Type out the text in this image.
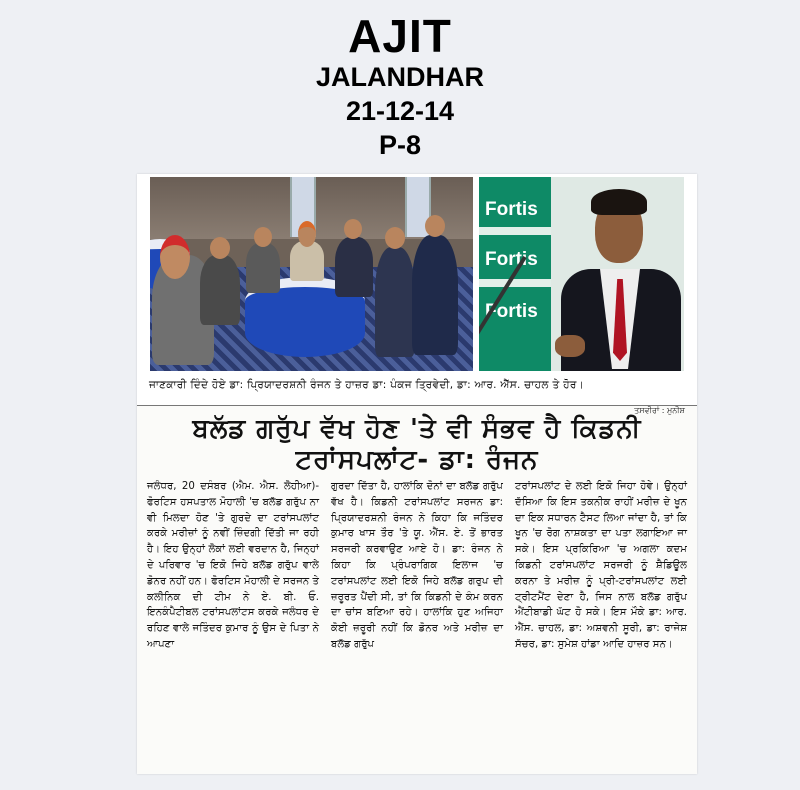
AJIT
JALANDHAR
21-12-14
P-8
Fortis
Fortis
Fortis
ਜਾਣਕਾਰੀ ਦਿੰਦੇ ਹੋਏ ਡਾ: ਪ੍ਰਿਯਾਦਰਸ਼ਨੀ ਰੰਜਨ ਤੇ ਹਾਜ਼ਰ ਡਾ: ਪੰਕਜ ਤ੍ਰਿਵੇਦੀ, ਡਾ: ਆਰ. ਐੱਸ. ਚਾਹਲ ਤੇ ਹੋਰ।
ਤਸਵੀਰਾਂ : ਮੁਨੀਸ਼
ਬਲੱਡ ਗਰੁੱਪ ਵੱਖ ਹੋਣ 'ਤੇ ਵੀ ਸੰਭਵ ਹੈ ਕਿਡਨੀ ਟਰਾਂਸਪਲਾਂਟ- ਡਾ: ਰੰਜਨ

ਜਲੰਧਰ, 20 ਦਸੰਬਰ (ਐਮ. ਐਸ. ਲੋਹੀਆ)- ਫੋਰਟਿਸ ਹਸਪਤਾਲ ਮੋਹਾਲੀ 'ਚ ਬਲੱਡ ਗਰੁੱਪ ਨਾ ਵੀ ਮਿਲਦਾ ਹੋਣ 'ਤੇ ਗੁਰਦੇ ਦਾ ਟਰਾਂਸਪਲਾਂਟ ਕਰਕੇ ਮਰੀਜ਼ਾਂ ਨੂੰ ਨਵੀਂ ਜ਼ਿੰਦਗੀ ਦਿੱਤੀ ਜਾ ਰਹੀ ਹੈ। ਇਹ ਉਨ੍ਹਾਂ ਲੋਕਾਂ ਲਈ ਵਰਦਾਨ ਹੈ, ਜਿਨ੍ਹਾਂ ਦੇ ਪਰਿਵਾਰ 'ਚ ਇਕੋ ਜਿਹੇ ਬਲੱਡ ਗਰੁੱਪ ਵਾਲੇ ਡੋਨਰ ਨਹੀਂ ਹਨ। ਫੋਰਟਿਸ ਮੋਹਾਲੀ ਦੇ ਸਰਜਨ ਤੇ ਕਲੀਨਿਕ ਦੀ ਟੀਮ ਨੇ ਏ. ਬੀ. ਓ. ਇਨਕੰਪੈਟੀਬਲ ਟਰਾਂਸਪਲਾਂਟਸ ਕਰਕੇ ਜਲੰਧਰ ਦੇ ਰਹਿਣ ਵਾਲੇ ਜਤਿੰਦਰ ਕੁਮਾਰ ਨੂੰ ਉਸ ਦੇ ਪਿਤਾ ਨੇ ਆਪਣਾ

ਗੁਰਦਾ ਦਿੱਤਾ ਹੈ, ਹਾਲਾਂਕਿ ਦੋਨਾਂ ਦਾ ਬਲੱਡ ਗਰੁੱਪ ਵੱਖ ਹੈ। ਕਿਡਨੀ ਟਰਾਂਸਪਲਾਂਟ ਸਰਜਨ ਡਾ: ਪ੍ਰਿਯਾਦਰਸ਼ਨੀ ਰੰਜਨ ਨੇ ਕਿਹਾ ਕਿ ਜਤਿੰਦਰ ਕੁਮਾਰ ਖਾਸ ਤੌਰ 'ਤੇ ਯੂ. ਐੱਸ. ਏ. ਤੋਂ ਭਾਰਤ ਸਰਜਰੀ ਕਰਵਾਉਣ ਆਏ ਹੋ। ਡਾ: ਰੰਜਨ ਨੇ ਕਿਹਾ ਕਿ ਪ੍ਰੰਪਰਾਗਿਕ ਇਲਾਜ 'ਚ ਟਰਾਂਸਪਲਾਂਟ ਲਈ ਇਕੋ ਜਿਹੇ ਬਲੱਡ ਗਰੁਪ ਦੀ ਜ਼ਰੂਰਤ ਪੈਂਦੀ ਸੀ, ਤਾਂ ਕਿ ਕਿਡਨੀ ਦੇ ਕੰਮ ਕਰਨ ਦਾ ਚਾਂਸ ਬਣਿਆ ਰਹੇ। ਹਾਲਾਂਕਿ ਹੁਣ ਅਜਿਹਾ ਕੋਈ ਜ਼ਰੂਰੀ ਨਹੀਂ ਕਿ ਡੋਨਰ ਅਤੇ ਮਰੀਜ਼ ਦਾ ਬਲੱਡ ਗਰੁੱਪ

ਟਰਾਂਸਪਲਾਂਟ ਦੇ ਲਈ ਇਕੋ ਜਿਹਾ ਹੋਵੇ। ਉਨ੍ਹਾਂ ਦੱਸਿਆ ਕਿ ਇਸ ਤਕਨੀਕ ਰਾਹੀਂ ਮਰੀਜ਼ ਦੇ ਖੂਨ ਦਾ ਇਕ ਸਧਾਰਨ ਟੈਸਟ ਲਿਆ ਜਾਂਦਾ ਹੈ, ਤਾਂ ਕਿ ਖੂਨ 'ਚ ਰੋਗ ਨਾਸ਼ਕਤਾ ਦਾ ਪਤਾ ਲਗਾਇਆ ਜਾ ਸਕੇ। ਇਸ ਪ੍ਰਕਿਰਿਆ 'ਚ ਅਗਲਾ ਕਦਮ ਕਿਡਨੀ ਟਰਾਂਸਪਲਾਂਟ ਸਰਜਰੀ ਨੂੰ ਸ਼ੈਡਿਊਲ ਕਰਨਾ ਤੇ ਮਰੀਜ਼ ਨੂੰ ਪ੍ਰੀ-ਟਰਾਂਸਪਲਾਂਟ ਲਈ ਟ੍ਰੀਟਮੈਂਟ ਦੇਣਾ ਹੈ, ਜਿਸ ਨਾਲ ਬਲੱਡ ਗਰੁੱਪ ਐਂਟੀਬਾਡੀ ਘੱਟ ਹੋ ਸਕੇ। ਇਸ ਮੌਕੇ ਡਾ: ਆਰ. ਐੱਸ. ਚਾਹਲ, ਡਾ: ਅਸ਼ਵਨੀ ਸੂਰੀ, ਡਾ: ਰਾਜੇਸ਼ ਸੱਚਰ, ਡਾ: ਸੁਮੇਸ਼ ਹਾਂਡਾ ਆਦਿ ਹਾਜ਼ਰ ਸਨ।
